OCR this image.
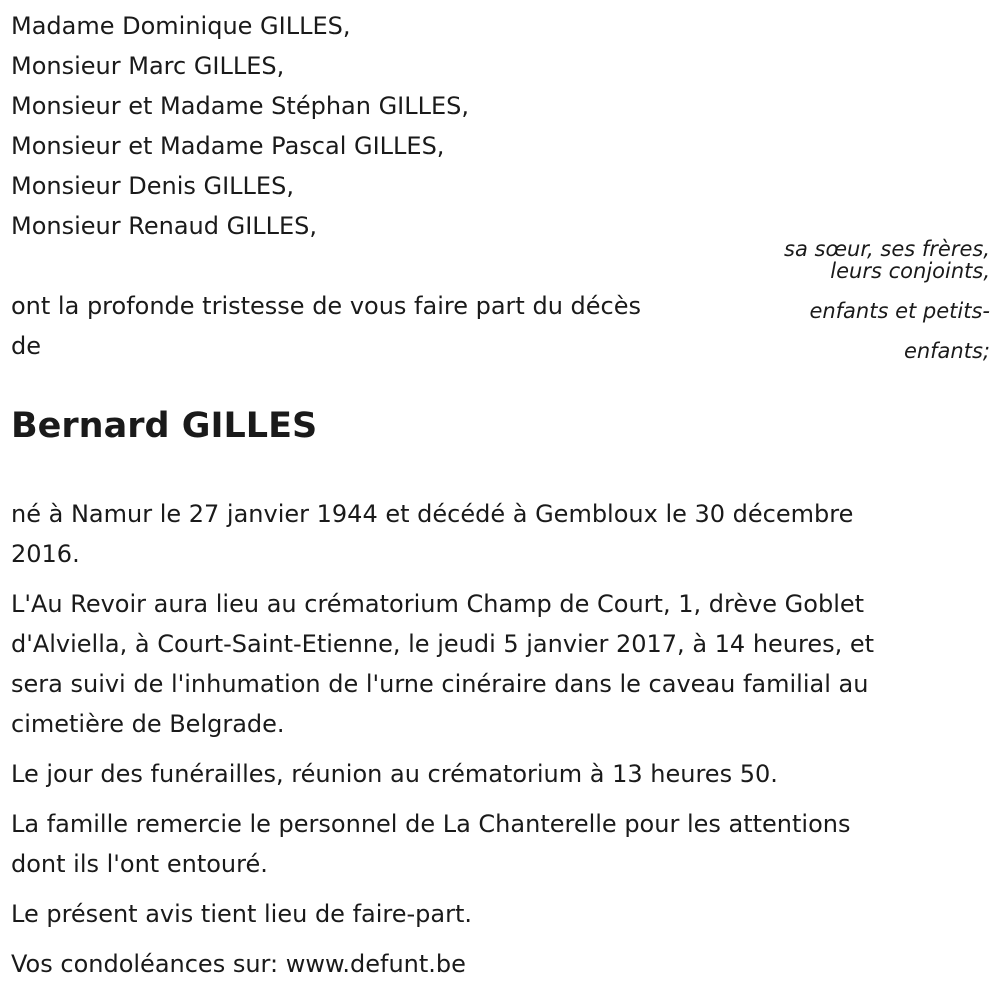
Madame Dominique GILLES,
Monsieur Marc GILLES,
Monsieur et Madame Stéphan GILLES,
Monsieur et Madame Pascal GILLES,
Monsieur Denis GILLES,
Monsieur Renaud GILLES,
sa sœur, ses frères,
leurs conjoints,
enfants et petits-
enfants;
ont la profonde tristesse de vous faire part du décès
de
Bernard GILLES
né à Namur le 27 janvier 1944 et décédé à Gembloux le 30 décembre
2016.
L'Au Revoir aura lieu au crématorium Champ de Court, 1, drève Goblet
d'Alviella, à Court-Saint-Etienne, le jeudi 5 janvier 2017, à 14 heures, et
sera suivi de l'inhumation de l'urne cinéraire dans le caveau familial au
cimetière de Belgrade.
Le jour des funérailles, réunion au crématorium à 13 heures 50.
La famille remercie le personnel de La Chanterelle pour les attentions
dont ils l'ont entouré.
Le présent avis tient lieu de faire-part.
Vos condoléances sur: www.defunt.be
